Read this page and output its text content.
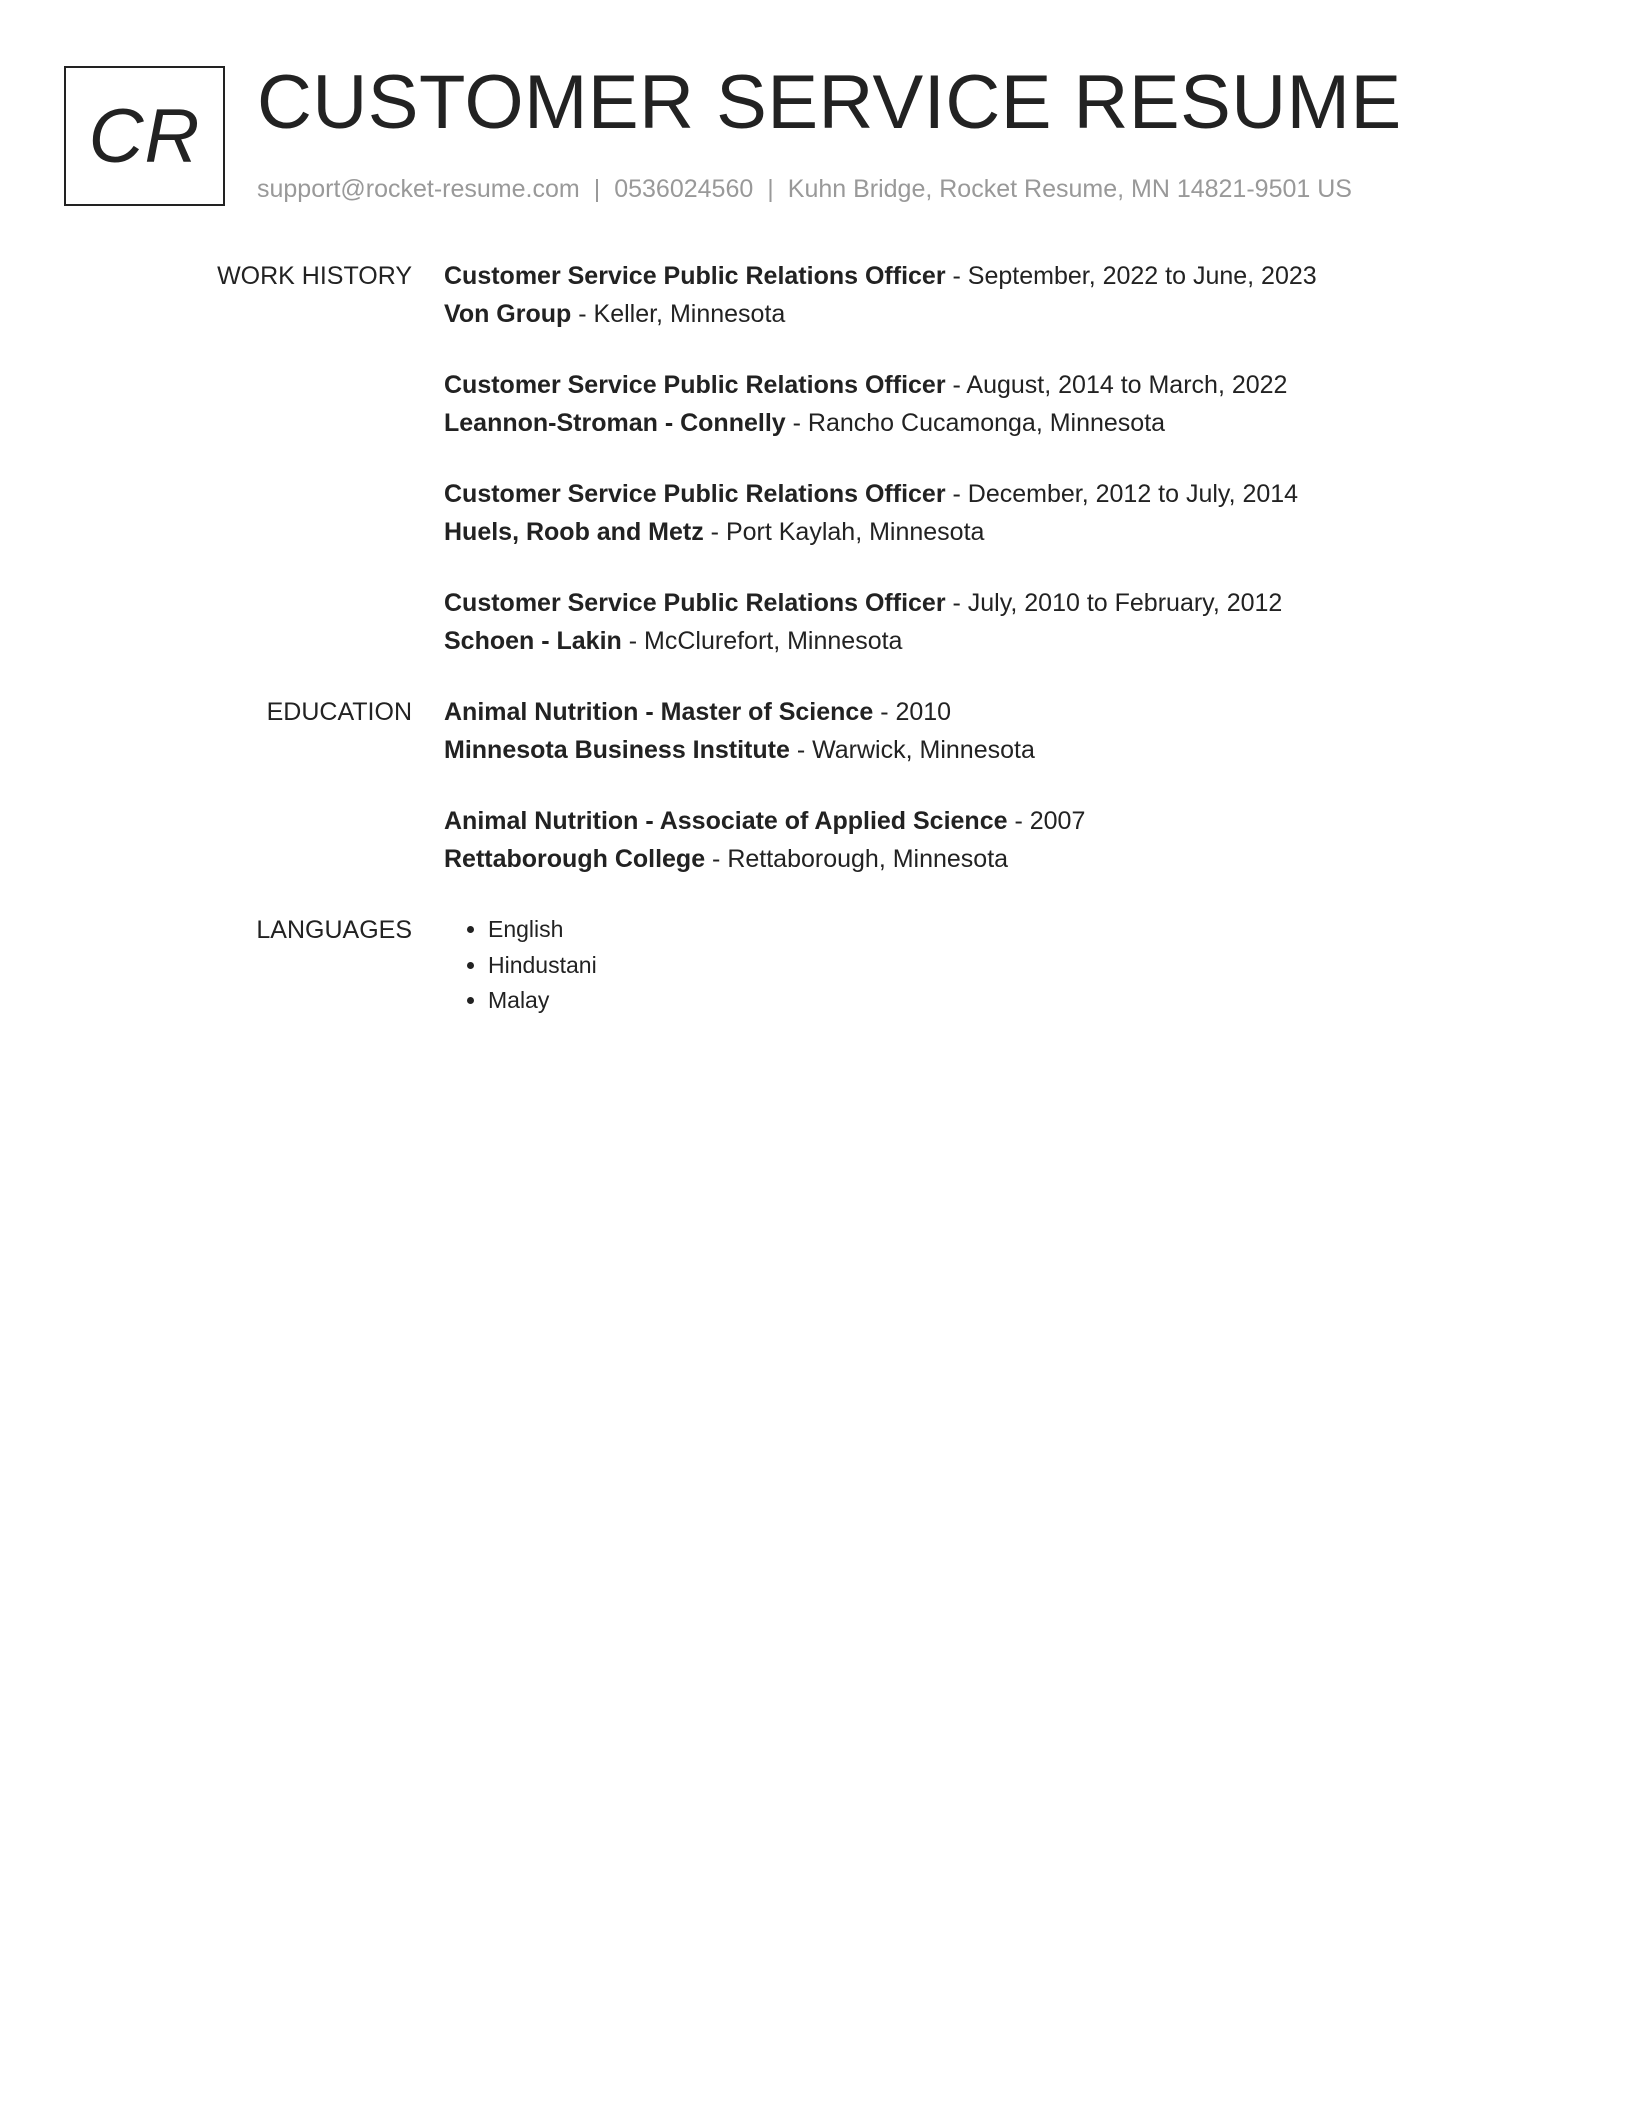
CR CUSTOMER SERVICE RESUME
support@rocket-resume.com | 0536024560 | Kuhn Bridge, Rocket Resume, MN 14821-9501 US
WORK HISTORY Customer Service Public Relations Officer - September, 2022 to June, 2023
Von Group - Keller, Minnesota
Customer Service Public Relations Officer - August, 2014 to March, 2022
Leannon-Stroman - Connelly - Rancho Cucamonga, Minnesota
Customer Service Public Relations Officer - December, 2012 to July, 2014
Huels, Roob and Metz - Port Kaylah, Minnesota
Customer Service Public Relations Officer - July, 2010 to February, 2012
Schoen - Lakin - McClurefort, Minnesota
EDUCATION Animal Nutrition - Master of Science - 2010
Minnesota Business Institute - Warwick, Minnesota
Animal Nutrition - Associate of Applied Science - 2007
Rettaborough College - Rettaborough, Minnesota
LANGUAGES
•	English
• Hindustani
• Malay
